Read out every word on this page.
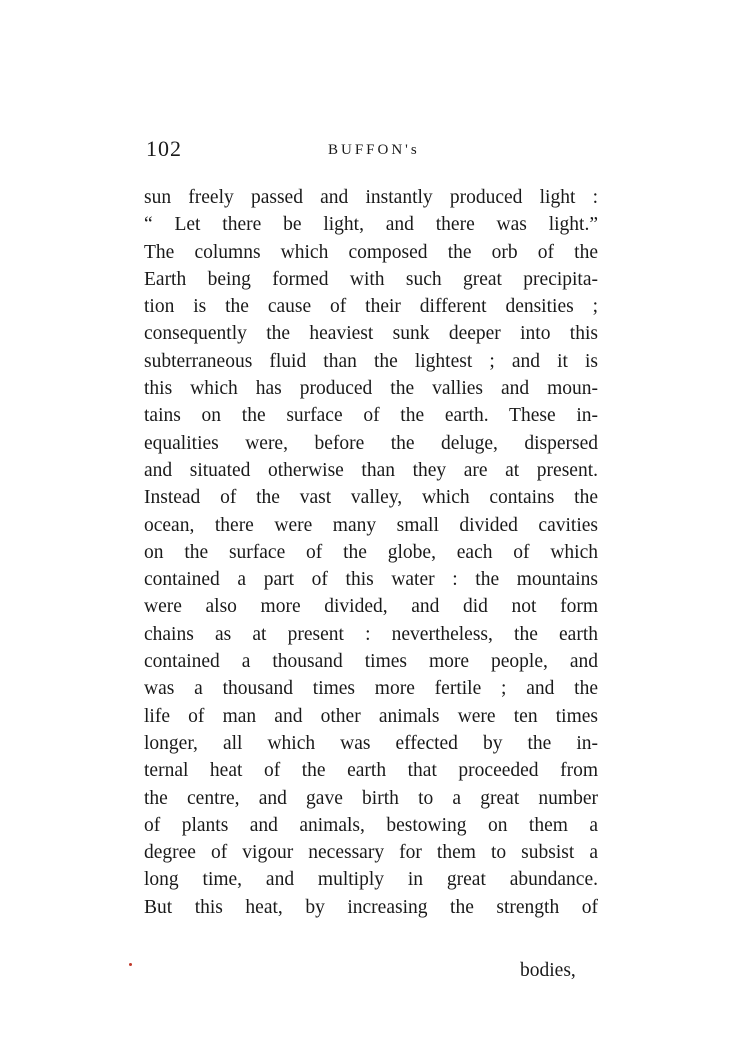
102	BUFFON's
sun freely passed and instantly produced light :
“ Let there be light, and there was light.”
The columns which composed the orb of the
Earth being formed with such great precipita-
tion is the cause of their different densities ;
consequently the heaviest sunk deeper into this
subterraneous fluid than the lightest ; and it is
this which has produced the vallies and moun-
tains on the surface of the earth. These in-
equalities were, before the deluge, dispersed
and situated otherwise than they are at present.
Instead of the vast valley, which contains the
ocean, there were many small divided cavities
on the surface of the globe, each of which
contained a part of this water : the mountains
were also more divided, and did not form
chains as at present : nevertheless, the earth
contained a thousand times more people, and
was a thousand times more fertile ; and the
life of man and other animals were ten times
longer, all which was effected by the in-
ternal heat of the earth that proceeded from
the centre, and gave birth to a great number
of plants and animals, bestowing on them a
degree of vigour necessary for them to subsist a
long time, and multiply in great abundance.
But this heat, by increasing the strength of
bodies,
